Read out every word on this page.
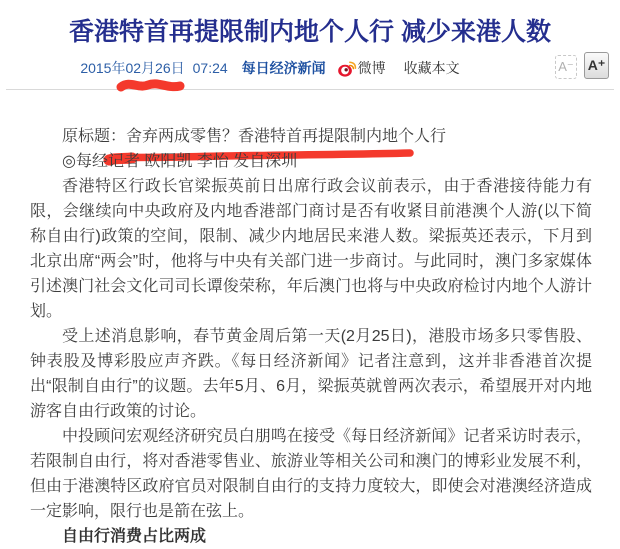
香港特首再提限制内地个人行 减少来港人数
2015年02月26日 07:24 每日经济新闻 微博 收藏本文	A⁻ A⁺

原标题：舍弃两成零售？香港特首再提限制内地个人行

◎每经记者 欧阳凯 李怡 发自深圳

香港特区行政长官梁振英前日出席行政会议前表示，由于香港接待能力有限，会继续向中央政府及内地香港部门商讨是否有收紧目前港澳个人游(以下简称自由行)政策的空间，限制、减少内地居民来港人数。梁振英还表示，下月到北京出席“两会”时，他将与中央有关部门进一步商讨。与此同时，澳门多家媒体引述澳门社会文化司司长谭俊荣称，年后澳门也将与中央政府检讨内地个人游计划。

受上述消息影响，春节黄金周后第一天(2月25日)，港股市场多只零售股、钟表股及博彩股应声齐跌。《每日经济新闻》记者注意到，这并非香港首次提出“限制自由行”的议题。去年5月、6月，梁振英就曾两次表示，希望展开对内地游客自由行政策的讨论。

中投顾问宏观经济研究员白朋鸣在接受《每日经济新闻》记者采访时表示，若限制自由行，将对香港零售业、旅游业等相关公司和澳门的博彩业发展不利，但由于港澳特区政府官员对限制自由行的支持力度较大，即使会对港澳经济造成一定影响，限行也是箭在弦上。

自由行消费占比两成
